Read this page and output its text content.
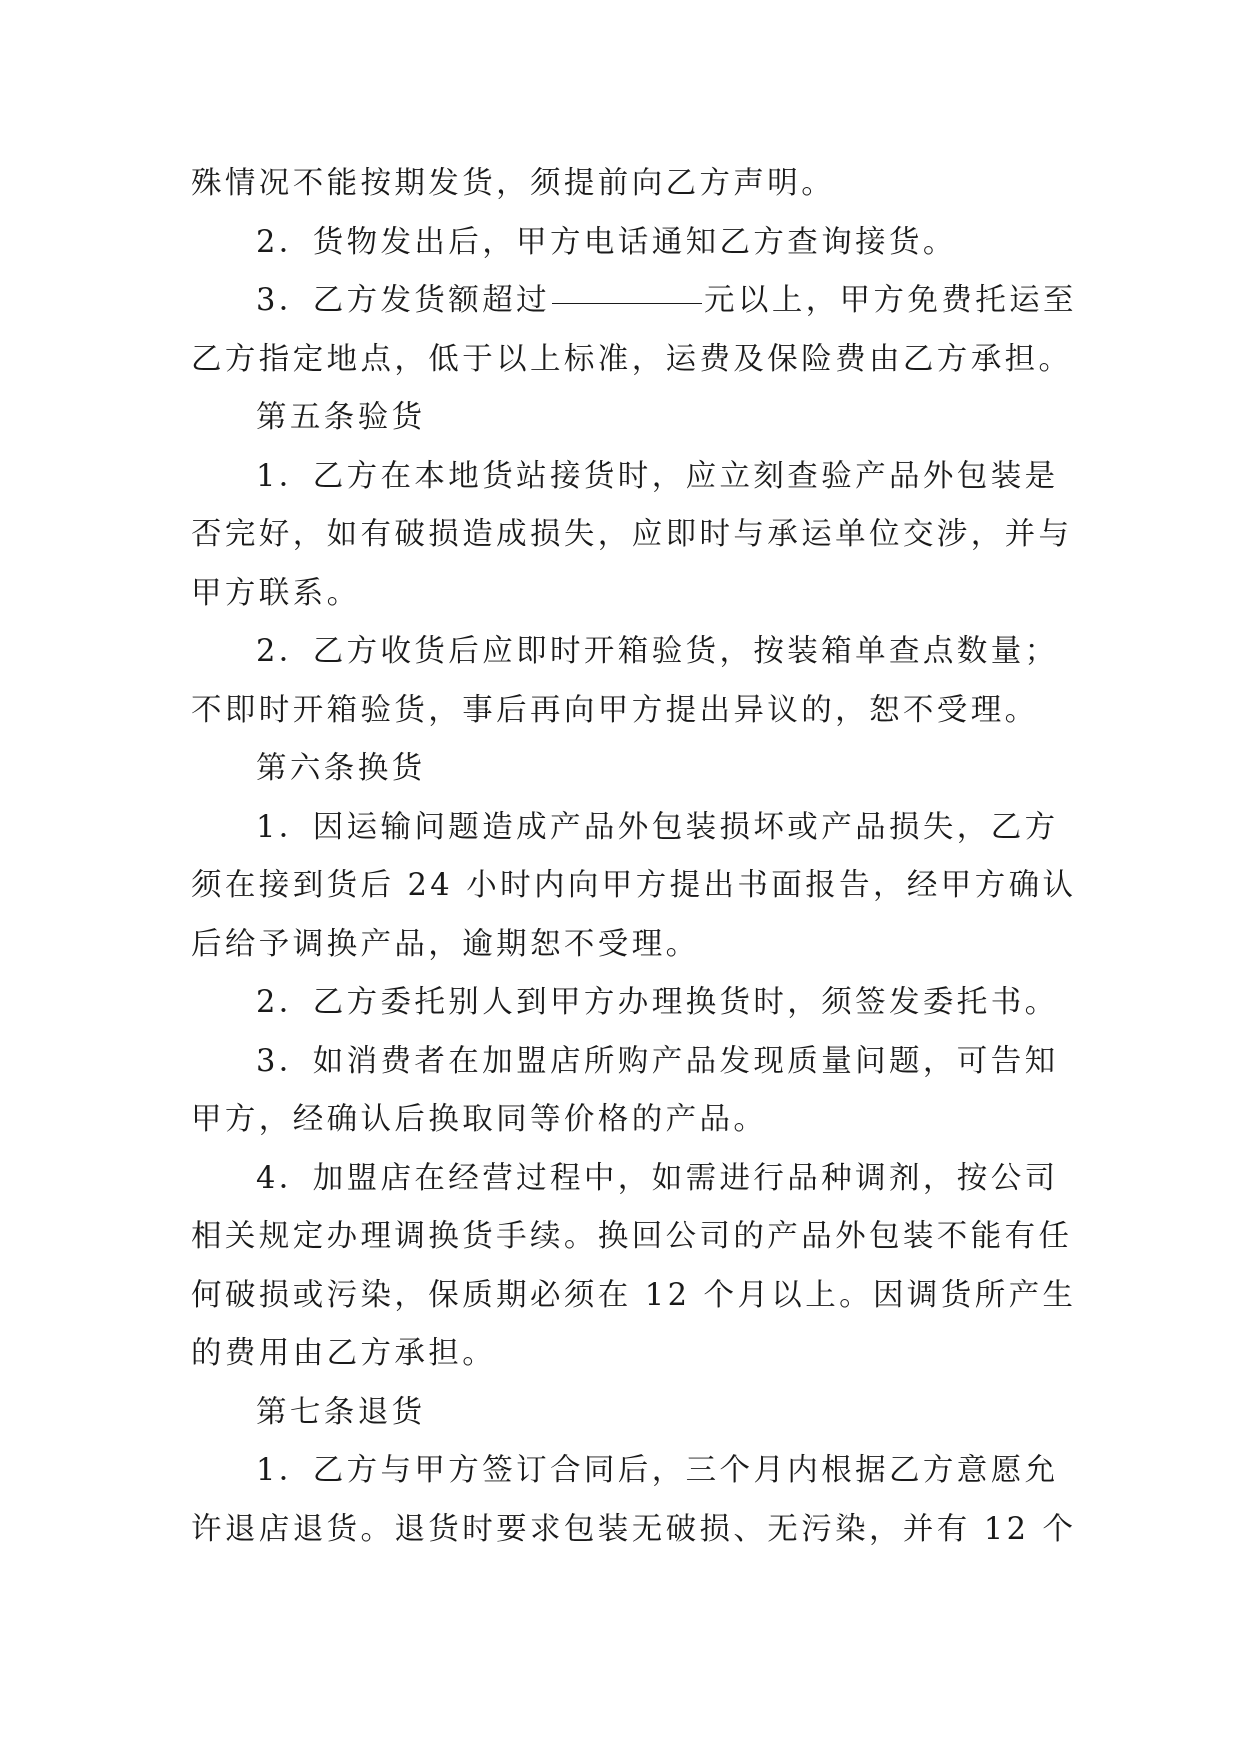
殊情况不能按期发货，须提前向乙方声明。
2．货物发出后，甲方电话通知乙方查询接货。
3．乙方发货额超过	元以上，甲方免费托运至
乙方指定地点，低于以上标准，运费及保险费由乙方承担。
第五条验货
1．乙方在本地货站接货时，应立刻查验产品外包装是
否完好，如有破损造成损失，应即时与承运单位交涉，并与
甲方联系。
2．乙方收货后应即时开箱验货，按装箱单查点数量；
不即时开箱验货，事后再向甲方提出异议的，恕不受理。
第六条换货
1．因运输问题造成产品外包装损坏或产品损失，乙方
须在接到货后 24 小时内向甲方提出书面报告，经甲方确认
后给予调换产品，逾期恕不受理。
2．乙方委托别人到甲方办理换货时，须签发委托书。
3．如消费者在加盟店所购产品发现质量问题，可告知
甲方，经确认后换取同等价格的产品。
4．加盟店在经营过程中，如需进行品种调剂，按公司
相关规定办理调换货手续。换回公司的产品外包装不能有任
何破损或污染，保质期必须在 12 个月以上。因调货所产生
的费用由乙方承担。
第七条退货
1．乙方与甲方签订合同后，三个月内根据乙方意愿允
许退店退货。退货时要求包装无破损、无污染，并有 12 个
